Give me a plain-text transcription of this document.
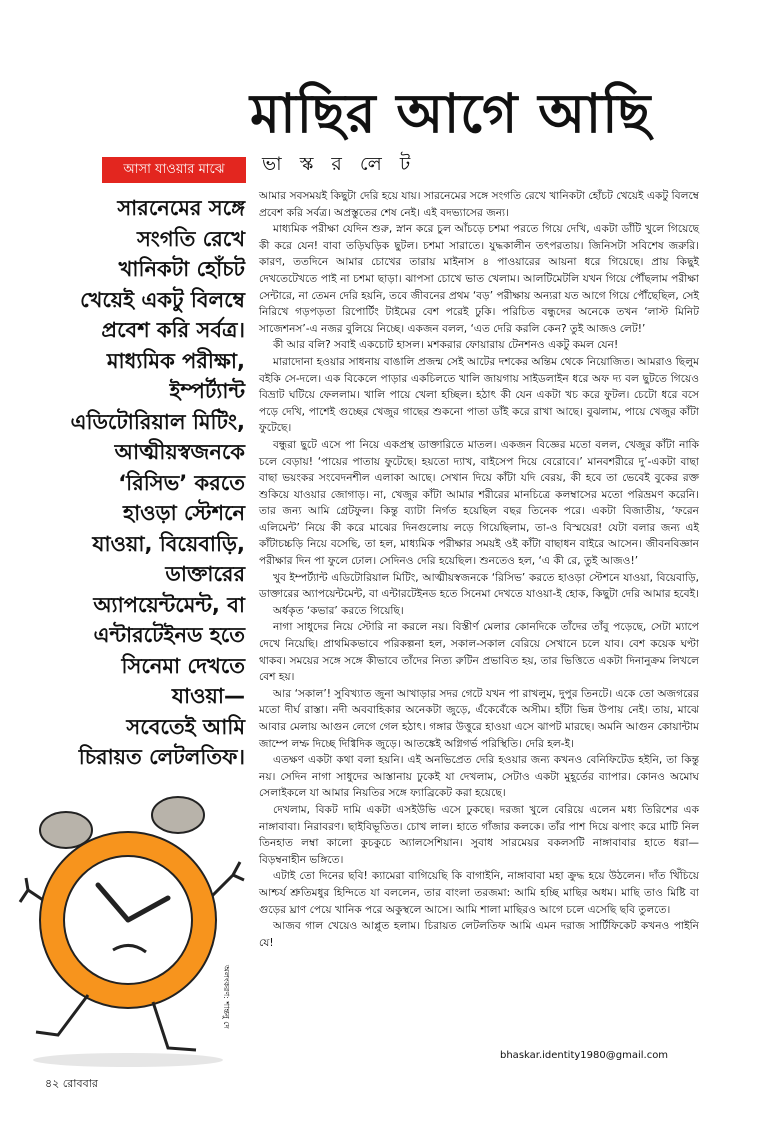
মাছির আগে আছি
আসা যাওয়ার মাঝে	ভা স্ক র লে ট
সারনেমের সঙ্গে
সংগতি রেখে
খানিকটা হোঁচট
খেয়েই একটু বিলম্বে
প্রবেশ করি সর্বত্র।
মাধ্যমিক পরীক্ষা,
ইম্পর্ট্যান্ট
এডিটোরিয়াল মিটিং,
আত্মীয়স্বজনকে
‘রিসিভ’ করতে
হাওড়া স্টেশনে
যাওয়া, বিয়েবাড়ি,
ডাক্তারের
অ্যাপয়েন্টমেন্ট, বা
এন্টারটেইনড হতে
সিনেমা দেখতে
যাওয়া—
সবেতেই আমি
চিরায়ত লেটলতিফ।

আমার সবসময়ই কিছুটা দেরি হয়ে যায়। সারনেমের সঙ্গে সংগতি রেখে খানিকটা হোঁচট খেয়েই একটু বিলম্বে প্রবেশ করি সর্বত্র। অপ্রস্তুতের শেষ নেই। এই বদভ্যাসের জন্য।

মাধ্যমিক পরীক্ষা যেদিন শুরু, স্নান করে চুল আঁচড়ে চশমা পরতে গিয়ে দেখি, একটা ডাঁটি খুলে গিয়েছে কী করে যেন! বাবা তড়িঘড়িক ছুটল। চশমা সারাতে। যুদ্ধকালীন তৎপরতায়। জিনিসটা সবিশেষ জরুরি। কারণ, ততদিনে আমার চোখের তারায় মাইনাস ৪ পাওয়ারের আয়না ধরে গিয়েছে। প্রায় কিছুই দেখতেটেখতে পাই না চশমা ছাড়া। ঝাপসা চোখে ভাত খেলাম। আলটিমেটলি যখন গিয়ে পৌঁছলাম পরীক্ষা সেন্টারে, না তেমন দেরি হয়নি, তবে জীবনের প্রথম ‘বড়’ পরীক্ষায় অন্যরা যত আগে গিয়ে পৌঁছেছিল, সেই নিরিখে গড়পড়তা রিপোর্টিং টাইমের বেশ পরেই ঢুকি। পরিচিত বন্ধুদের অনেকে তখন ‘লাস্ট মিনিট সাজেশনস’-এ নজর বুলিয়ে নিচ্ছে। একজন বলল, ‘এত দেরি করলি কেন? তুই আজও লেট!’

কী আর বলি? সবাই একচোট হাসল। মশকরার ফোয়ারায় টেনশনও একটু কমল যেন!

মারাদোনা হওয়ার সাধনায় বাঙালি প্রজন্ম সেই আটের দশকের অন্তিম থেকে নিয়োজিত। আমরাও ছিলুম বইকি সে-দলে। এক বিকেলে পাড়ার একচিলতে খালি জায়গায় সাইডলাইন ধরে অফ দ্য বল ছুটতে গিয়েও বিভ্রাট ঘটিয়ে ফেললাম। খালি পায়ে খেলা হচ্ছিল। হঠাৎ কী যেন একটা খচ করে ফুটল। চেটো ধরে বসে পড়ে দেখি, পাশেই গুচ্ছের খেজুর গাছের শুকনো পাতা ডাঁই করে রাখা আছে। বুঝলাম, পায়ে খেজুর কাঁটা ফুটেছে।

বন্ধুরা ছুটে এসে পা নিয়ে একপ্রস্থ ডাক্তারিতে মাতল। একজন বিজ্ঞের মতো বলল, খেজুর কাঁটা নাকি চলে বেড়ায়! ‘পায়ের পাতায় ফুটেছে। হয়তো দ্যাখ, বাইসেপ দিয়ে বেরোবে।’ মানবশরীরে দু’-একটা বাছা বাছা ভয়ংকর সংবেদনশীল এলাকা আছে। সেখান দিয়ে কাঁটা যদি বেরয়, কী হবে তা ভেবেই বুকের রক্ত শুকিয়ে যাওয়ার জোগাড়। না, খেজুর কাঁটা আমার শরীরের মানচিত্রে কলম্বাসের মতো পরিভ্রমণ করেনি। তার জন্য আমি গ্রেটফুল। কিন্তু ব্যাটা নির্গত হয়েছিল বছর তিনেক পরে। একটা বিজাতীয়, ‘ফরেন এলিমেন্ট’ নিয়ে কী করে মাঝের দিনগুলোয় লড়ে গিয়েছিলাম, তা-ও বিস্ময়ের! যেটা বলার জন্য এই কাঁটাচচ্চড়ি নিয়ে বসেছি, তা হল, মাধ্যমিক পরীক্ষার সময়ই ওই কাঁটা বাছাধন বাইরে আসেন। জীবনবিজ্ঞান পরীক্ষার দিন পা ফুলে ঢোল। সেদিনও দেরি হয়েছিল। শুনতেও হল, ‘এ কী রে, তুই আজও!’

খুব ইম্পর্ট্যান্ট এডিটোরিয়াল মিটিং, আত্মীয়স্বজনকে ‘রিসিভ’ করতে হাওড়া স্টেশনে যাওয়া, বিয়েবাড়ি, ডাক্তারের অ্যাপয়েন্টমেন্ট, বা এন্টারটেইনড হতে সিনেমা দেখতে যাওয়া-ই হোক, কিছুটা দেরি আমার হবেই।

অর্ধকৃত ‘কভার’ করতে গিয়েছি।

নাগা সাধুদের নিয়ে স্টোরি না করলে নয়। বিস্তীর্ণ মেলার কোনদিকে তাঁদের তাঁবু পড়েছে, সেটা ম্যাপে দেখে নিয়েছি। প্রাথমিকভাবে পরিকল্পনা হল, সকাল-সকাল বেরিয়ে সেখানে চলে যাব। বেশ কয়েক ঘণ্টা থাকব। সময়ের সঙ্গে সঙ্গে কীভাবে তাঁদের নিত্য রুটিন প্রভাবিত হয়, তার ভিত্তিতে একটা দিনানুক্রম লিখলে বেশ হয়।

আর ‘সকাল’! সুবিখ্যাত জুনা আখাড়ার সদর গেটে যখন পা রাখলুম, দুপুর তিনটে। একে তো অজগরের মতো দীর্ঘ রাস্তা। নদী অববাহিকার অনেকটা জুড়ে, এঁকেবেঁকে অসীম। হাঁটা ভিন্ন উপায় নেই। তায়, মাঝে আবার মেলায় আগুন লেগে গেল হঠাৎ। গঙ্গার উত্তুরে হাওয়া এসে ঝাপট মারছে। অমনি আগুন কোয়ান্টাম জাম্পে লম্ফ দিচ্ছে দিগ্বিদিক জুড়ে। আতঙ্কেই অগ্নিগর্ভ পরিস্থিতি। দেরি হল-ই।

এতক্ষণ একটা কথা বলা হয়নি। এই অনভিপ্রেত দেরি হওয়ার জন্য কখনও বেনিফিটেড হইনি, তা কিন্তু নয়। সেদিন নাগা সাধুদের আস্তানায় ঢুকেই যা দেখলাম, সেটাও একটা মুহূর্তের ব্যাপার। কোনও অমোঘ সেলাইকলে যা আমার নিয়তির সঙ্গে ফ্যাব্রিকেট করা হয়েছে।

দেখলাম, বিকট দামি একটা এসইউভি এসে ঢুকছে। দরজা খুলে বেরিয়ে এলেন মধ্য তিরিশের এক নাঙ্গাবাবা। নিরাবরণ। ছাইবিভূতিত। চোখ লাল। হাতে গাঁজার কলকে। তাঁর পাশ দিয়ে ঝপাং করে মাটি নিল তিনহাত লম্বা কালো কুচকুচে অ্যালসেশিয়ান। সুবাধ সারমেয়র বকলসটি নাঙ্গাবাবার হাতে ধরা— বিড়ম্বনাহীন ভঙ্গিতে।

এটাই তো দিনের ছবি! ক্যামেরা বাগিয়েছি কি বাগাইনি, নাঙ্গাবাবা মহা ক্রুদ্ধ হয়ে উঠলেন। দাঁত খিঁচিয়ে আশ্চর্য শ্রুতিমধুর হিন্দিতে যা বললেন, তার বাংলা তরজমা: আমি হচ্ছি মাছির অধম। মাছি তাও মিষ্টি বা গুড়ের ঘ্রাণ পেয়ে খানিক পরে অকুস্থলে আসে। আমি শালা মাছিরও আগে চলে এসেছি ছবি তুলতে।

আজব গাল খেয়েও আপ্লুত হলাম। চিরায়ত লেটলতিফ আমি এমন দরাজ সার্টিফিকেট কখনও পাইনি যে!

অলংকরণ: শান্তনু দে
bhaskar.identity1980@gmail.com
৪২ রোববার
